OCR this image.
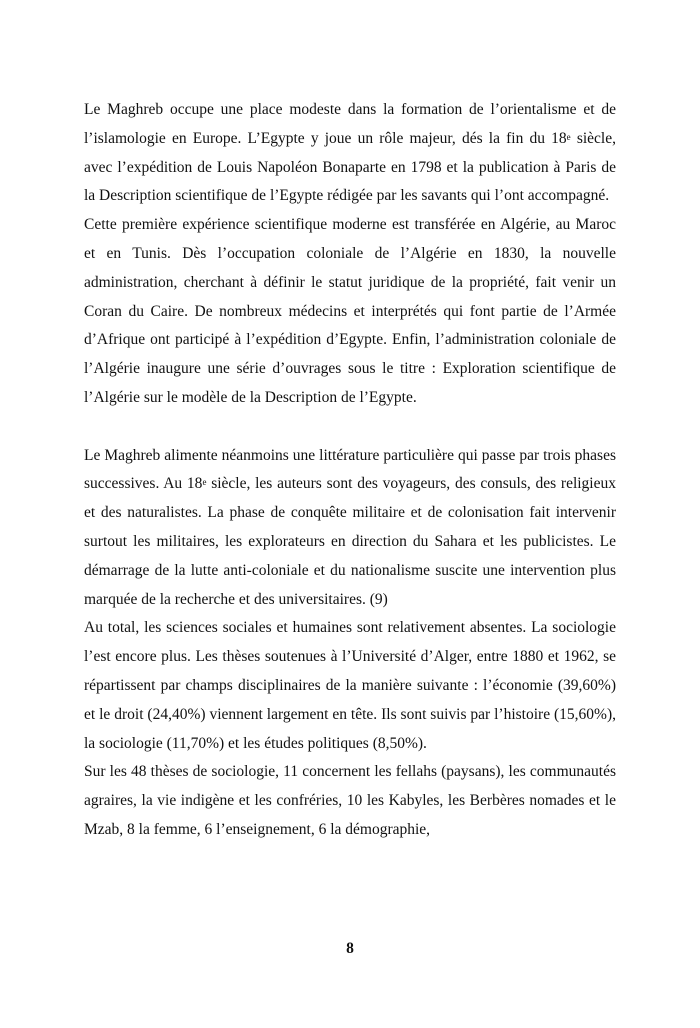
Le Maghreb occupe une place modeste dans la formation de l’orientalisme et de l’islamologie en Europe. L’Egypte y joue un rôle majeur, dés la fin du 18e siècle, avec l’expédition de Louis Napoléon Bonaparte en 1798 et la publication à Paris de la Description scientifique de l’Egypte rédigée par les savants qui l’ont accompagné.

Cette première expérience scientifique moderne est transférée en Algérie, au Maroc et en Tunis. Dès l’occupation coloniale de l’Algérie en 1830, la nouvelle administration, cherchant à définir le statut juridique de la propriété, fait venir un Coran du Caire. De nombreux médecins et interprétés qui font partie de l’Armée d’Afrique ont participé à l’expédition d’Egypte. Enfin, l’administration coloniale de l’Algérie inaugure une série d’ouvrages sous le titre : Exploration scientifique de l’Algérie sur le modèle de la Description de l’Egypte.

Le Maghreb alimente néanmoins une littérature particulière qui passe par trois phases successives. Au 18e siècle, les auteurs sont des voyageurs, des consuls, des religieux et des naturalistes. La phase de conquête militaire et de colonisation fait intervenir surtout les militaires, les explorateurs en direction du Sahara et les publicistes. Le démarrage de la lutte anti-coloniale et du nationalisme suscite une intervention plus marquée de la recherche et des universitaires. (9)

Au total, les sciences sociales et humaines sont relativement absentes. La sociologie l’est encore plus. Les thèses soutenues à l’Université d’Alger, entre 1880 et 1962, se répartissent par champs disciplinaires de la manière suivante : l’économie (39,60%) et le droit (24,40%) viennent largement en tête. Ils sont suivis par l’histoire (15,60%), la sociologie (11,70%) et les études politiques (8,50%).

Sur les 48 thèses de sociologie, 11 concernent les fellahs (paysans), les communautés agraires, la vie indigène et les confréries, 10 les Kabyles, les Berbères nomades et le Mzab, 8 la femme, 6 l’enseignement, 6 la démographie,

8
